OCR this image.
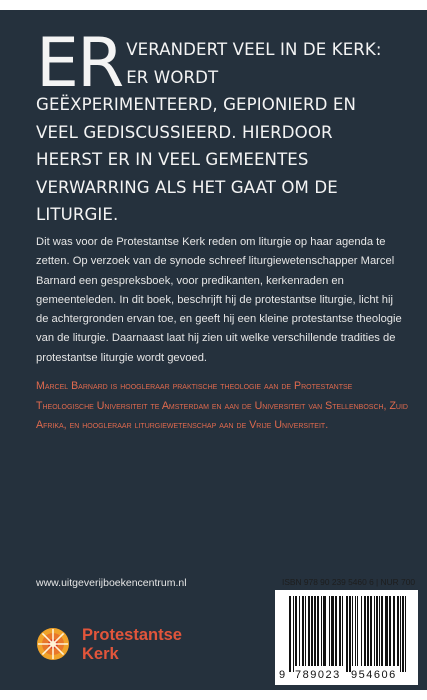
ER VERANDERT VEEL IN DE KERK: ER WORDT GEËXPERIMENTEERD, GEPIONIERD EN VEEL GEDISCUSSIEERD. HIERDOOR HEERST ER IN VEEL GEMEENTES VERWARRING ALS HET GAAT OM DE LITURGIE.
Dit was voor de Protestantse Kerk reden om liturgie op haar agenda te zetten. Op verzoek van de synode schreef liturgiewetenschapper Marcel Barnard een gespreksboek, voor predikanten, kerkenraden en gemeenteleden. In dit boek, beschrijft hij de protestantse liturgie, licht hij de achtergronden ervan toe, en geeft hij een kleine protestantse theologie van de liturgie. Daarnaast laat hij zien uit welke verschillende tradities de protestantse liturgie wordt gevoed.
Marcel Barnard is hoogleraar praktische theologie aan de Protestantse Theologische Universiteit te Amsterdam en aan de Universiteit van Stellenbosch, Zuid Afrika, en hoogleraar liturgiewetenschap aan de Vrije Universiteit.
www.uitgeverijboekencentrum.nl	ISBN 978 90 239 5460 6 | NUR 700
9 789023 954606
Protestantse
Kerk
